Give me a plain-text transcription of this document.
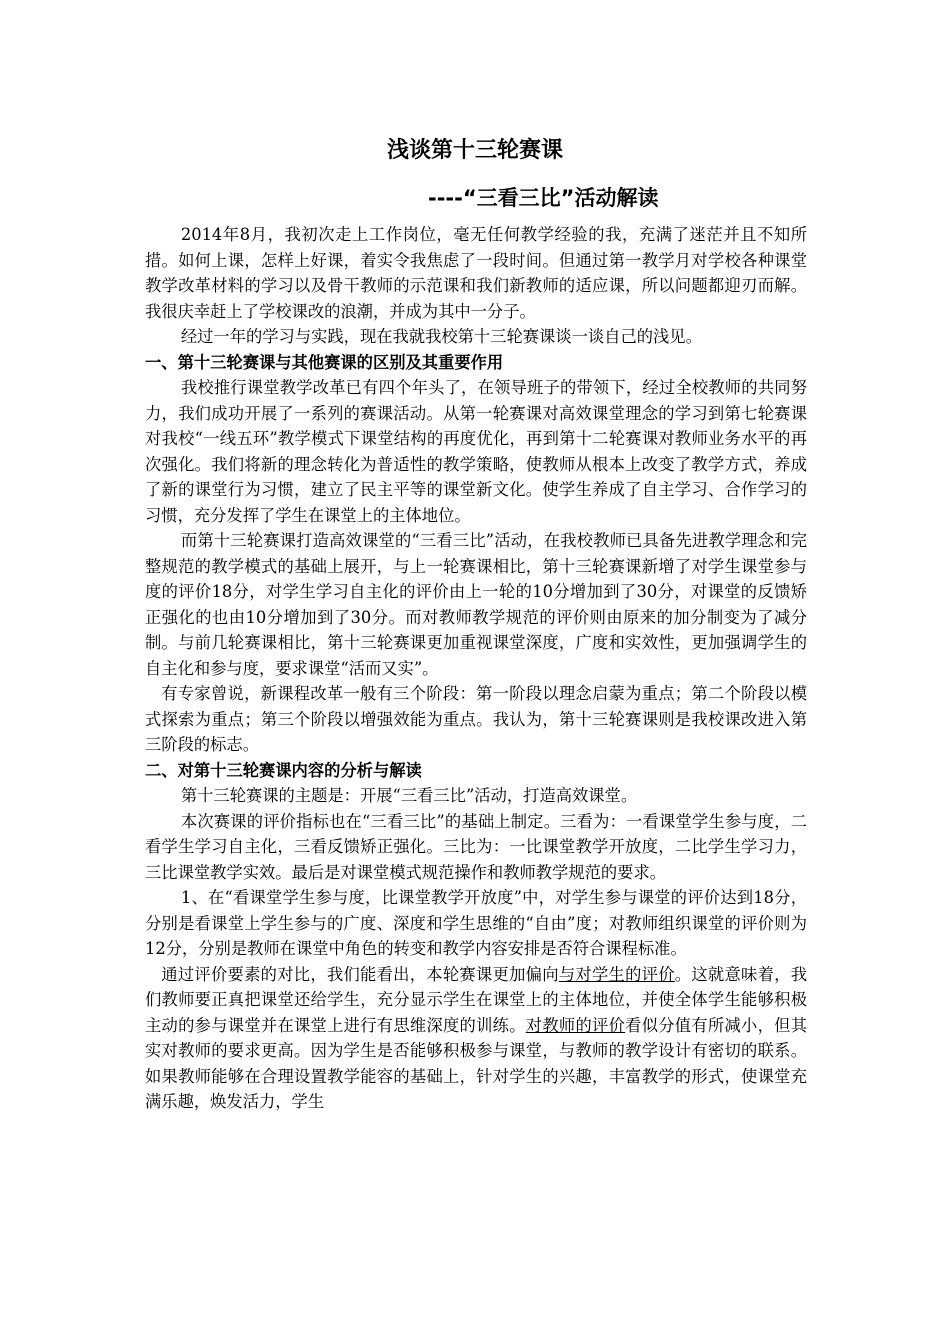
浅谈第十三轮赛课
----“三看三比”活动解读

2014年8月，我初次走上工作岗位，毫无任何教学经验的我，充满了迷茫并且不知所措。如何上课，怎样上好课，着实令我焦虑了一段时间。但通过第一教学月对学校各种课堂教学改革材料的学习以及骨干教师的示范课和我们新教师的适应课，所以问题都迎刃而解。我很庆幸赶上了学校课改的浪潮，并成为其中一分子。

经过一年的学习与实践，现在我就我校第十三轮赛课谈一谈自己的浅见。

一、第十三轮赛课与其他赛课的区别及其重要作用

我校推行课堂教学改革已有四个年头了，在领导班子的带领下，经过全校教师的共同努力，我们成功开展了一系列的赛课活动。从第一轮赛课对高效课堂理念的学习到第七轮赛课对我校“一线五环”教学模式下课堂结构的再度优化，再到第十二轮赛课对教师业务水平的再次强化。我们将新的理念转化为普适性的教学策略，使教师从根本上改变了教学方式，养成了新的课堂行为习惯，建立了民主平等的课堂新文化。使学生养成了自主学习、合作学习的习惯，充分发挥了学生在课堂上的主体地位。

而第十三轮赛课打造高效课堂的“三看三比”活动，在我校教师已具备先进教学理念和完整规范的教学模式的基础上展开，与上一轮赛课相比，第十三轮赛课新增了对学生课堂参与度的评价18分，对学生学习自主化的评价由上一轮的10分增加到了30分，对课堂的反馈矫正强化的也由10分增加到了30分。而对教师教学规范的评价则由原来的加分制变为了减分制。与前几轮赛课相比，第十三轮赛课更加重视课堂深度，广度和实效性，更加强调学生的自主化和参与度，要求课堂“活而又实”。

有专家曾说，新课程改革一般有三个阶段：第一阶段以理念启蒙为重点；第二个阶段以模式探索为重点；第三个阶段以增强效能为重点。我认为，第十三轮赛课则是我校课改进入第三阶段的标志。

二、对第十三轮赛课内容的分析与解读

第十三轮赛课的主题是：开展“三看三比”活动，打造高效课堂。

本次赛课的评价指标也在“三看三比”的基础上制定。三看为：一看课堂学生参与度，二看学生学习自主化，三看反馈矫正强化。三比为：一比课堂教学开放度，二比学生学习力，三比课堂教学实效。最后是对课堂模式规范操作和教师教学规范的要求。

1、在“看课堂学生参与度，比课堂教学开放度”中，对学生参与课堂的评价达到18分，分别是看课堂上学生参与的广度、深度和学生思维的“自由”度；对教师组织课堂的评价则为12分，分别是教师在课堂中角色的转变和教学内容安排是否符合课程标准。

通过评价要素的对比，我们能看出，本轮赛课更加偏向与对学生的评价。这就意味着，我们教师要正真把课堂还给学生，充分显示学生在课堂上的主体地位，并使全体学生能够积极主动的参与课堂并在课堂上进行有思维深度的训练。对教师的评价看似分值有所减小，但其实对教师的要求更高。因为学生是否能够积极参与课堂，与教师的教学设计有密切的联系。如果教师能够在合理设置教学能容的基础上，针对学生的兴趣，丰富教学的形式，使课堂充满乐趣，焕发活力，学生
